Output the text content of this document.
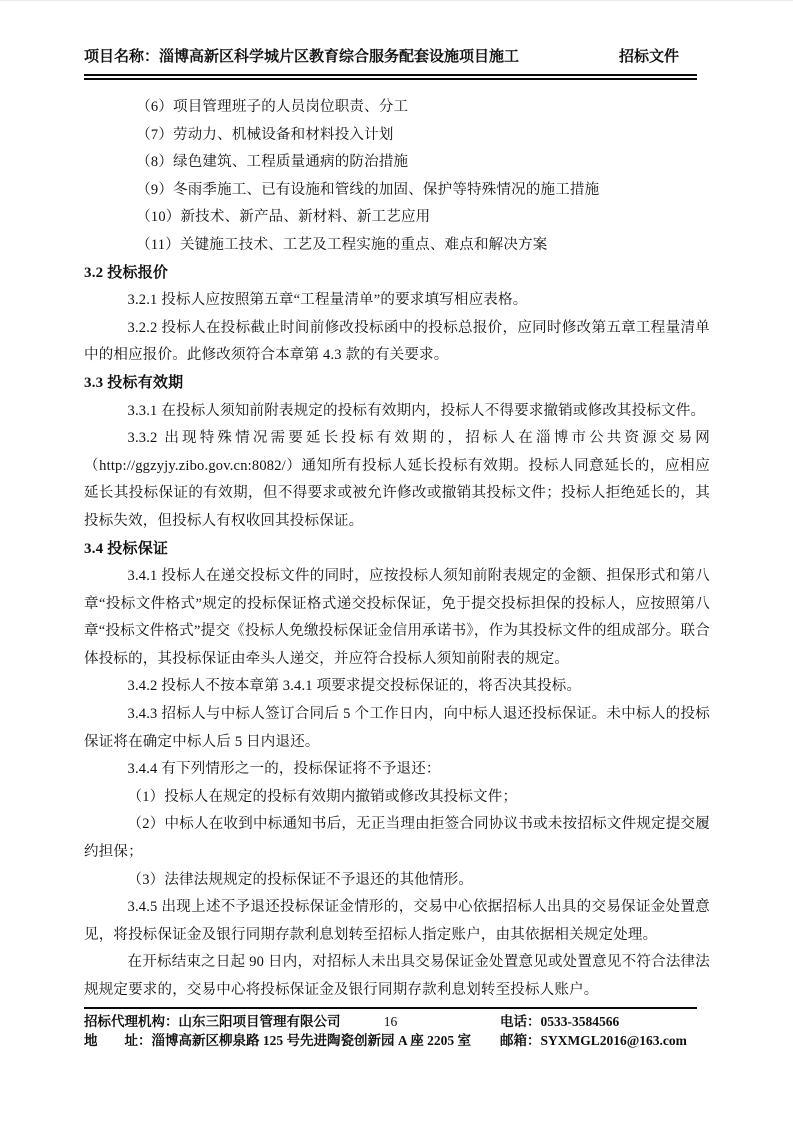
项目名称：淄博高新区科学城片区教育综合服务配套设施项目施工	招标文件

（6）项目管理班子的人员岗位职责、分工

（7）劳动力、机械设备和材料投入计划

（8）绿色建筑、工程质量通病的防治措施

（9）冬雨季施工、已有设施和管线的加固、保护等特殊情况的施工措施

（10）新技术、新产品、新材料、新工艺应用

（11）关键施工技术、工艺及工程实施的重点、难点和解决方案

3.2 投标报价

3.2.1 投标人应按照第五章“工程量清单”的要求填写相应表格。

3.2.2 投标人在投标截止时间前修改投标函中的投标总报价，应同时修改第五章工程量清单中的相应报价。此修改须符合本章第 4.3 款的有关要求。

3.3 投标有效期

3.3.1 在投标人须知前附表规定的投标有效期内，投标人不得要求撤销或修改其投标文件。

3.3.2 出现特殊情况需要延长投标有效期的，招标人在淄博市公共资源交易网（http://ggzyjy.zibo.gov.cn:8082/）通知所有投标人延长投标有效期。投标人同意延长的，应相应延长其投标保证的有效期，但不得要求或被允许修改或撤销其投标文件；投标人拒绝延长的，其投标失效，但投标人有权收回其投标保证。

3.4 投标保证

3.4.1 投标人在递交投标文件的同时，应按投标人须知前附表规定的金额、担保形式和第八章“投标文件格式”规定的投标保证格式递交投标保证，免于提交投标担保的投标人，应按照第八章“投标文件格式”提交《投标人免缴投标保证金信用承诺书》，作为其投标文件的组成部分。联合体投标的，其投标保证由牵头人递交，并应符合投标人须知前附表的规定。

3.4.2 投标人不按本章第 3.4.1 项要求提交投标保证的，将否决其投标。

3.4.3 招标人与中标人签订合同后 5 个工作日内，向中标人退还投标保证。未中标人的投标保证将在确定中标人后 5 日内退还。

3.4.4 有下列情形之一的，投标保证将不予退还：

（1）投标人在规定的投标有效期内撤销或修改其投标文件；

（2）中标人在收到中标通知书后，无正当理由拒签合同协议书或未按招标文件规定提交履约担保；

（3）法律法规规定的投标保证不予退还的其他情形。

3.4.5 出现上述不予退还投标保证金情形的，交易中心依据招标人出具的交易保证金处置意见，将投标保证金及银行同期存款利息划转至招标人指定账户，由其依据相关规定处理。

在开标结束之日起 90 日内，对招标人未出具交易保证金处置意见或处置意见不符合法律法规规定要求的，交易中心将投标保证金及银行同期存款利息划转至投标人账户。

招标代理机构：山东三阳项目管理有限公司
地　　址：淄博高新区柳泉路 125 号先进陶瓷创新园 A 座 2205 室
16	电话：0533-3584566
邮箱：SYXMGL2016@163.com
